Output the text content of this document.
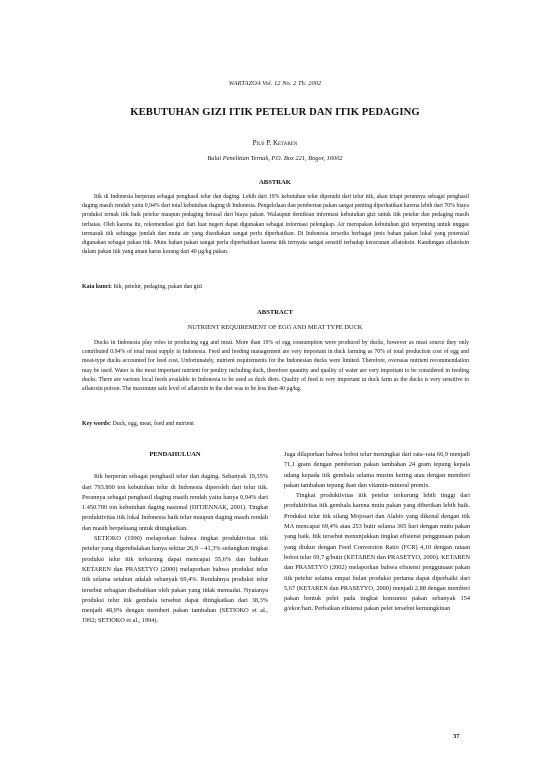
WARTAZOA Vol. 12 No. 2 Th. 2002
KEBUTUHAN GIZI ITIK PETELUR DAN ITIK PEDAGING
Pius P. Ketaren
Balai Penelitian Ternak, P.O. Box 221, Bogor, 16002
ABSTRAK

Itik di Indonesia berperan sebagai penghasil telur dan daging. Lebih dari 19% kebutuhan telur dipenuhi dari telur itik, akan tetapi perannya sebagai penghasil daging masih rendah yaitu 0,94% dari total kebutuhan daging di Indonesia. Pengelolaan dan pemberian pakan sangat penting diperhatikan karena lebih dari 70% biaya produksi ternak itik baik petelur maupun pedaging berasal dari biaya pakan. Walaupun demikian informasi kebutuhan gizi untuk itik petelur dan pedaging masih terbatas. Oleh karena itu, rekomendasi gizi dari luar negeri dapat digunakan sebagai informasi pelengkap. Air merupakan kebutuhan gizi terpenting untuk unggas termasuk itik sehingga jumlah dan mutu air yang disediakan sangat perlu diperhatikan. Di Indonesia tersedia berbagai jenis bahan pakan lokal yang potensial digunakan sebagai pakan itik. Mutu bahan pakan sangat perlu diperhatikan karena itik ternyata sangat sensitif terhadap keracunan aflatoksin. Kandungan aflatoksin dalam pakan itik yang aman harus kurang dari 40 μg/kg pakan.

Kata kunci: Itik, petelur, pedaging, pakan dan gizi

ABSTRACT
NUTRIENT REQUIREMENT OF EGG AND MEAT TYPE DUCK

Ducks in Indonesia play roles in producing egg and meat. More than 19% of egg consumption were produced by ducks, however as meat source they only contributed 0.94% of total meat supply in Indonesia. Feed and feeding management are very important in duck farming as 70% of total production cost of egg and meat-type ducks accounted for feed cost. Unfortunately, nutrient requirements for the Indonesian ducks were limited. Therefore, overseas nutrient recommendation may be used. Water is the most important nutrient for poultry including duck, therefore quantity and quality of water are very important to be considered in feeding ducks. There are various local feeds available in Indonesia to be used as duck diets. Quality of feed is very important in duck farm as the ducks is very sensitive to aflatoxin poison. The maximum safe level of aflatoxin in the diet was to be less than 40 μg/kg.

Key words: Duck, egg, meat, feed and nutrient

PENDAHULUAN

Itik berperan sebagai penghasil telur dan daging. Sebanyak 19,35% dari 793.800 ton kebutuhan telur di Indonesia diperoleh dari telur itik. Perannya sebagai penghasil daging masih rendah yaitu hanya 0,94% dari 1.450.700 ton kebutuhan daging nasional (DITJENNAK, 2001). Tingkat produktivitas itik lokal Indonesia baik telur maupun daging masih rendah dan masih berpeluang untuk ditingkatkan.

SETIOKO (1990) melaporkan bahwa tingkat produktivitas itik petelur yang digembalakan hanya sekitar 26,9 – 41,3% sedangkan tingkat produksi telur itik terkurung dapat mencapai 55,6% dan bahkan KETAREN dan PRASETYO (2000) melaporkan bahwa produksi telur itik selama setahun adalah sebanyak 69,4%. Rendahnya produksi telur tersebut sebagian disebabkan oleh pakan yang tidak memadai. Nyatanya produksi telur itik gembala tersebut dapat ditingkatkan dari 38,3% menjadi 48,9% dengan memberi pakan tambahan (SETIOKO et al., 1992; SETIOKO et al., 1994).

Juga dilaporkan bahwa bobot telur meningkat dari rata–rata 66,9 menjadi 71,1 gram dengan pemberian pakan tambahan 24 gram tepung kepala udang kepada itik gembala selama musim kering atau dengan memberi pakan tambahan tepung ikan dan vitamin-mineral premix.

Tingkat produktivitas itik petelur terkurung lebih tinggi dari produktivitas itik gembala karena mutu pakan yang diberikan lebih baik. Produksi telur itik silang Mojosari dan Alabio yang dikenal dengan itik MA mencapai 69,4% atau 253 butir selama 365 hari dengan mutu pakan yang baik. Itik tersebut menunjukkan tingkat efisiensi penggunaan pakan yang diukur dengan Feed Conversion Ratio (FCR) 4,10 dengan rataan bobot telur 69,7 g/butir (KETAREN dan PRASETYO, 2000). KETAREN dan PRASETYO (2002) melaporkan bahwa efisiensi penggunaan pakan itik petelur selama empat bulan produksi pertama dapat diperbaiki dari 5,67 (KETAREN dan PRASETYO, 2000) menjadi 2,88 dengan memberi pakan bentuk pelet pada tingkat konsumsi pakan sebanyak 154 g/ekor/hari. Perbaikan efisiensi pakan pelet tersebut kemungkinan

37
